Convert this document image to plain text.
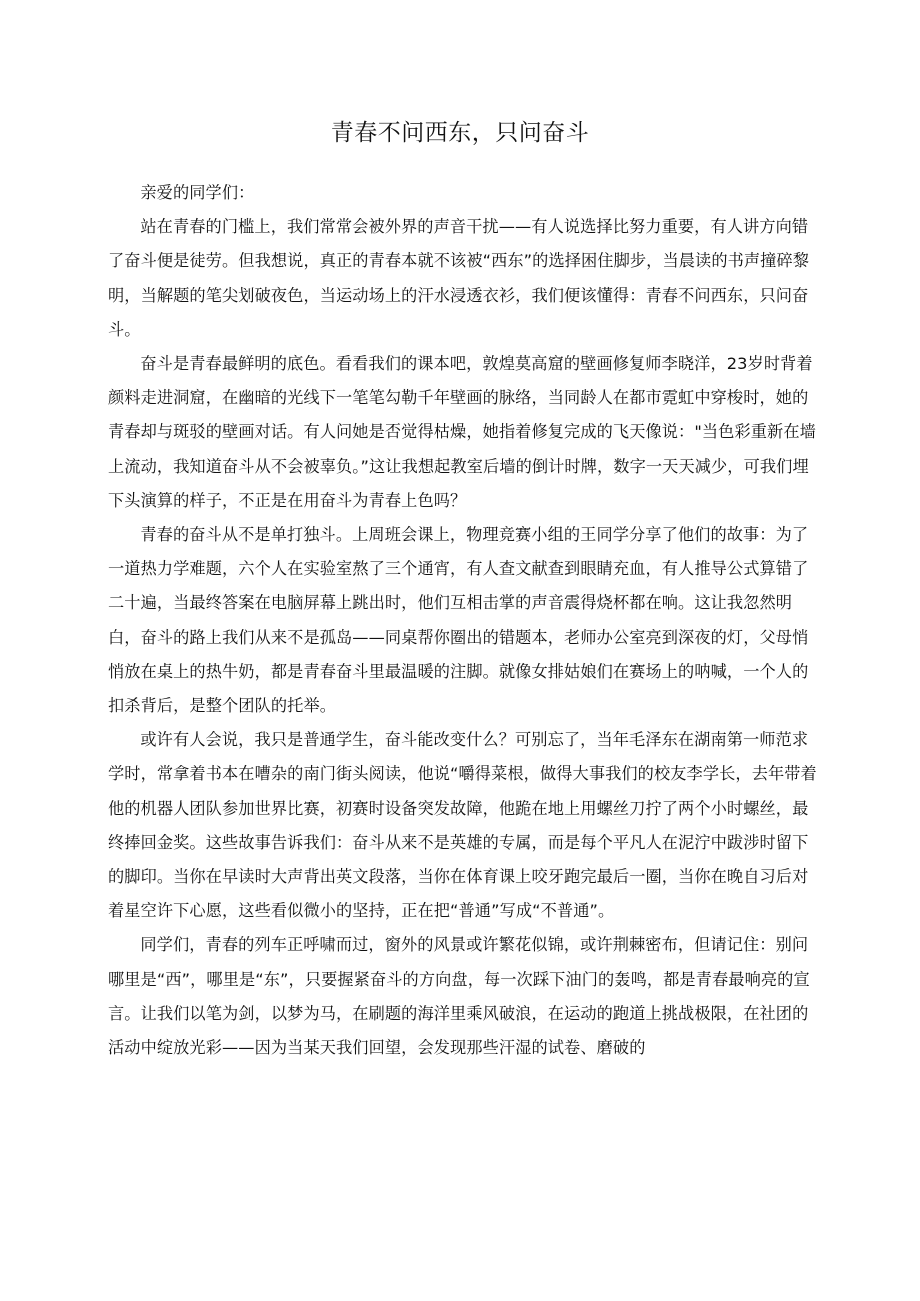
青春不问西东，只问奋斗

亲爱的同学们：

站在青春的门槛上，我们常常会被外界的声音干扰——有人说选择比努力重要，有人讲方向错了奋斗便是徒劳。但我想说，真正的青春本就不该被“西东”的选择困住脚步，当晨读的书声撞碎黎明，当解题的笔尖划破夜色，当运动场上的汗水浸透衣衫，我们便该懂得：青春不问西东，只问奋斗。

奋斗是青春最鲜明的底色。看看我们的课本吧，敦煌莫高窟的壁画修复师李晓洋，23岁时背着颜料走进洞窟，在幽暗的光线下一笔笔勾勒千年壁画的脉络，当同龄人在都市霓虹中穿梭时，她的青春却与斑驳的壁画对话。有人问她是否觉得枯燥，她指着修复完成的飞天像说："当色彩重新在墙上流动，我知道奋斗从不会被辜负。”这让我想起教室后墙的倒计时牌，数字一天天减少，可我们埋下头演算的样子，不正是在用奋斗为青春上色吗？

青春的奋斗从不是单打独斗。上周班会课上，物理竞赛小组的王同学分享了他们的故事：为了一道热力学难题，六个人在实验室熬了三个通宵，有人查文献查到眼睛充血，有人推导公式算错了二十遍，当最终答案在电脑屏幕上跳出时，他们互相击掌的声音震得烧杯都在响。这让我忽然明白，奋斗的路上我们从来不是孤岛——同桌帮你圈出的错题本，老师办公室亮到深夜的灯，父母悄悄放在桌上的热牛奶，都是青春奋斗里最温暖的注脚。就像女排姑娘们在赛场上的呐喊，一个人的扣杀背后，是整个团队的托举。

或许有人会说，我只是普通学生，奋斗能改变什么？可别忘了，当年毛泽东在湖南第一师范求学时，常拿着书本在嘈杂的南门街头阅读，他说“嚼得菜根，做得大事我们的校友李学长，去年带着他的机器人团队参加世界比赛，初赛时设备突发故障，他跪在地上用螺丝刀拧了两个小时螺丝，最终捧回金奖。这些故事告诉我们：奋斗从来不是英雄的专属，而是每个平凡人在泥泞中跋涉时留下的脚印。当你在早读时大声背出英文段落，当你在体育课上咬牙跑完最后一圈，当你在晚自习后对着星空许下心愿，这些看似微小的坚持，正在把“普通”写成“不普通”。

同学们，青春的列车正呼啸而过，窗外的风景或许繁花似锦，或许荆棘密布，但请记住：别问哪里是“西”，哪里是“东”，只要握紧奋斗的方向盘，每一次踩下油门的轰鸣，都是青春最响亮的宣言。让我们以笔为剑，以梦为马，在刷题的海洋里乘风破浪，在运动的跑道上挑战极限，在社团的活动中绽放光彩——因为当某天我们回望，会发现那些汗湿的试卷、磨破的
